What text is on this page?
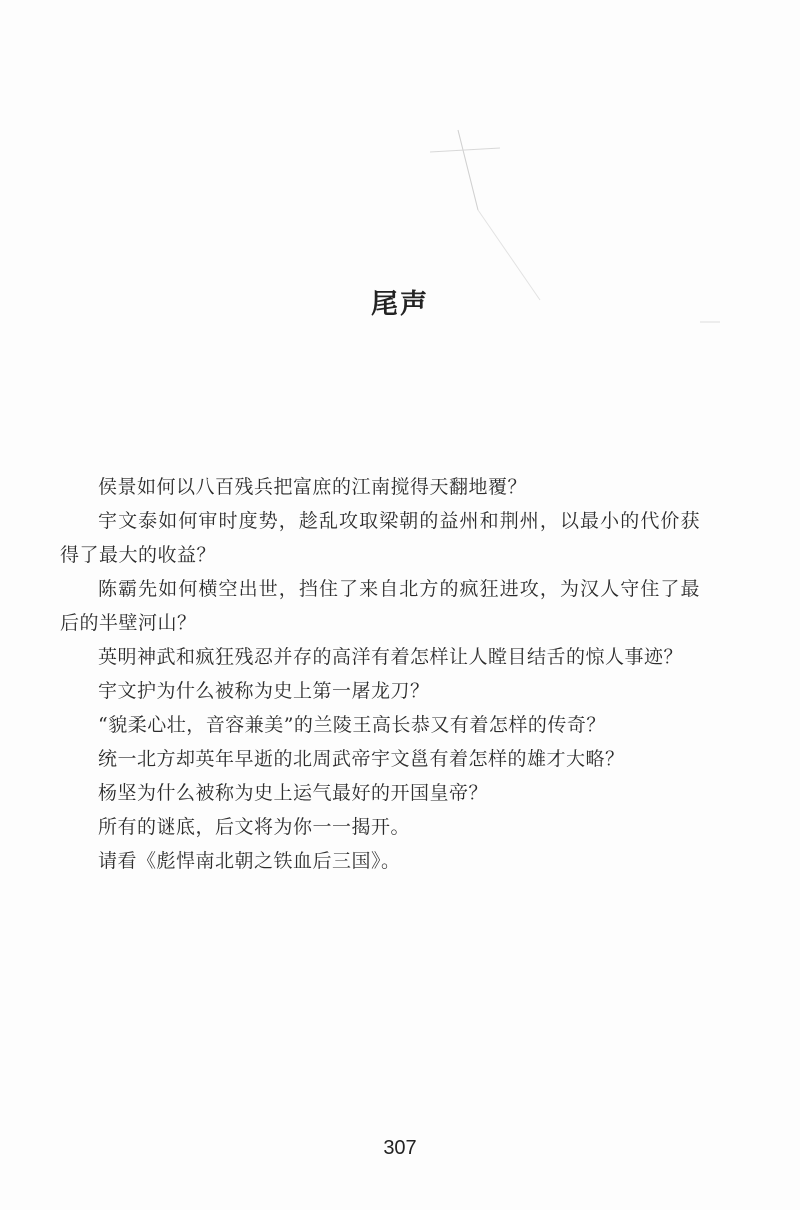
尾声

侯景如何以八百残兵把富庶的江南搅得天翻地覆？

宇文泰如何审时度势，趁乱攻取梁朝的益州和荆州，以最小的代价获得了最大的收益？

陈霸先如何横空出世，挡住了来自北方的疯狂进攻，为汉人守住了最后的半壁河山？

英明神武和疯狂残忍并存的高洋有着怎样让人瞠目结舌的惊人事迹？

宇文护为什么被称为史上第一屠龙刀？

“貌柔心壮，音容兼美”的兰陵王高长恭又有着怎样的传奇？

统一北方却英年早逝的北周武帝宇文邕有着怎样的雄才大略？

杨坚为什么被称为史上运气最好的开国皇帝？

所有的谜底，后文将为你一一揭开。

请看《彪悍南北朝之铁血后三国》。

307
